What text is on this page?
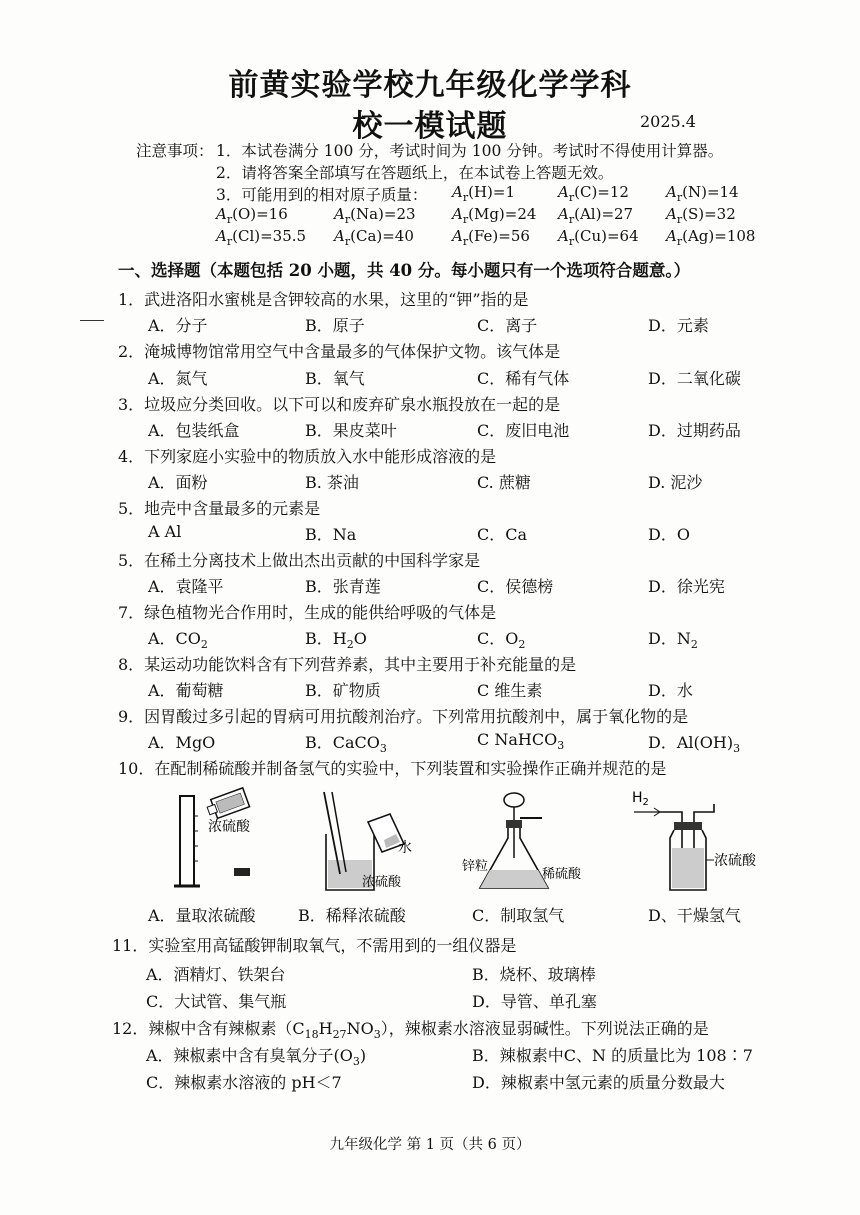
前黄实验学校九年级化学学科
校一模试题	2025.4
注意事项： 1．本试卷满分 100 分，考试时间为 100 分钟。考试时不得使用计算器。
2．请将答案全部填写在答题纸上，在本试卷上答题无效。
3．可能用到的相对原子质量： $A_r(H)=1$	$A_r(C)=12$ $A_r(N)=14$
$A_r(O)=16$	$A_r(Na)=23$ $A_r(Mg)=24$ $A_r(Al)=27$ $A_r(S)=32$
$A_r(Cl)=35.5$ $A_r(Ca)=40$	$A_r(Fe)=56$ $A_r(Cu)=64$ $A_r(Ag)=108$
一、选择题（本题包括 20 小题，共 40 分。每小题只有一个选项符合题意。）
1．武进洛阳水蜜桃是含钾较高的水果，这里的“钾”指的是
A．分子	B．原子	C．离子	D．元素
2．淹城博物馆常用空气中含量最多的气体保护文物。该气体是
A．氮气	B．氧气	C．稀有气体	D．二氧化碳
3．垃圾应分类回收。以下可以和废弃矿泉水瓶投放在一起的是
A．包装纸盒	B．果皮菜叶	C．废旧电池	D．过期药品
4．下列家庭小实验中的物质放入水中能形成溶液的是
A．面粉	B. 茶油	C. 蔗糖	D. 泥沙
5．地壳中含量最多的元素是
A Al	B．Na	C．Ca	D．O
5．在稀土分离技术上做出杰出贡献的中国科学家是
A．袁隆平	B．张青莲	C．侯德榜	D．徐光宪
7．绿色植物光合作用时，生成的能供给呼吸的气体是
A．$CO_2$	B．$H_2O$	C．$O_2$	D．$N_2$
8．某运动功能饮料含有下列营养素，其中主要用于补充能量的是
A．葡萄糖	B．矿物质	C 维生素	D．水
9．因胃酸过多引起的胃病可用抗酸剂治疗。下列常用抗酸剂中，属于氧化物的是
A．MgO	B．CaCO$_3$	C NaHCO$_3$	D．$Al(OH)_3$
10．在配制稀硫酸并制备氢气的实验中，下列装置和实验操作正确并规范的是
浓硫酸
水
浓硫酸
锌粒
稀硫酸
$H_2$
浓硫酸
A．量取浓硫酸	B．稀释浓硫酸	C．制取氢气	D、干燥氢气
11．实验室用高锰酸钾制取氧气，不需用到的一组仪器是
A．酒精灯、铁架台	B．烧杯、玻璃棒
C．大试管、集气瓶	D．导管、单孔塞
12．辣椒中含有辣椒素$(C_{18}H_{27}NO_3)$，辣椒素水溶液显弱碱性。下列说法正确的是
A．辣椒素中含有臭氧分子$(O_3)$	B．辣椒素中C、N 的质量比为 108∶7
C．辣椒素水溶液的 pH＜7	D．辣椒素中氢元素的质量分数最大
九年级化学 第 1 页（共 6 页）
